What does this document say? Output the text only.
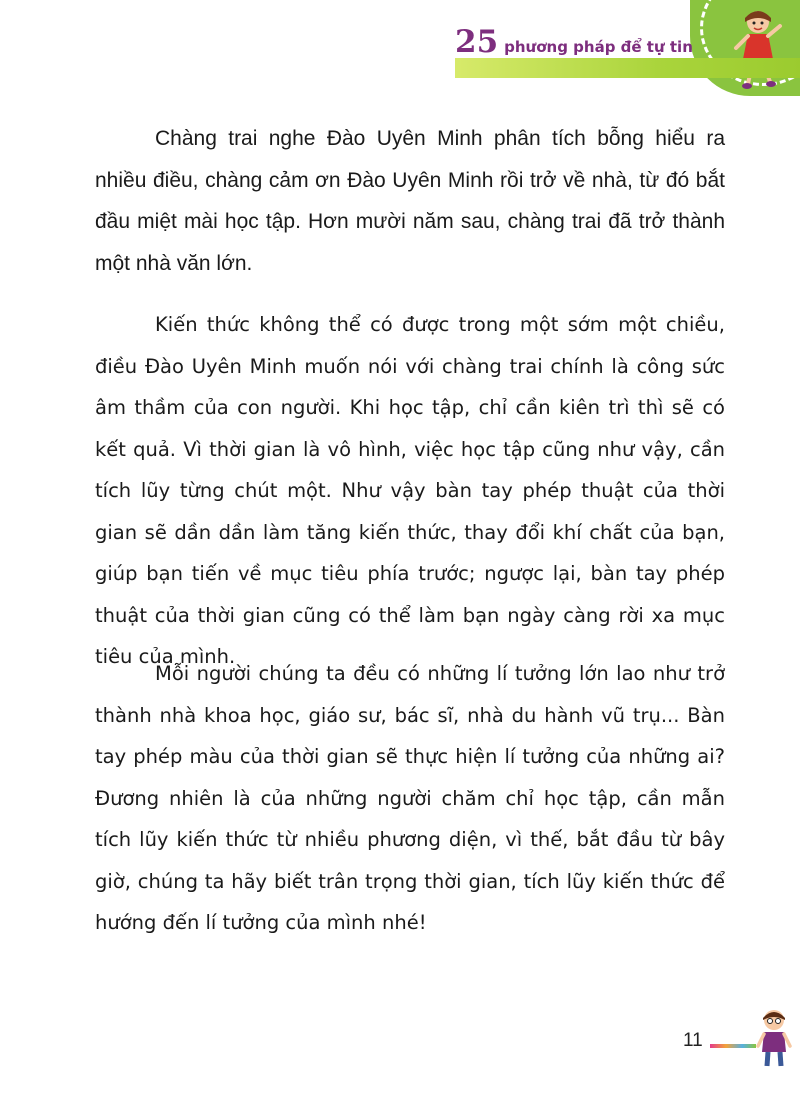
25 phương pháp để tự tin

Chàng trai nghe Đào Uyên Minh phân tích bỗng hiểu ra nhiều điều, chàng cảm ơn Đào Uyên Minh rồi trở về nhà, từ đó bắt đầu miệt mài học tập. Hơn mười năm sau, chàng trai đã trở thành một nhà văn lớn.

Kiến thức không thể có được trong một sớm một chiều, điều Đào Uyên Minh muốn nói với chàng trai chính là công sức âm thầm của con người. Khi học tập, chỉ cần kiên trì thì sẽ có kết quả. Vì thời gian là vô hình, việc học tập cũng như vậy, cần tích lũy từng chút một. Như vậy bàn tay phép thuật của thời gian sẽ dần dần làm tăng kiến thức, thay đổi khí chất của bạn, giúp bạn tiến về mục tiêu phía trước; ngược lại, bàn tay phép thuật của thời gian cũng có thể làm bạn ngày càng rời xa mục tiêu của mình.

Mỗi người chúng ta đều có những lí tưởng lớn lao như trở thành nhà khoa học, giáo sư, bác sĩ, nhà du hành vũ trụ... Bàn tay phép màu của thời gian sẽ thực hiện lí tưởng của những ai? Đương nhiên là của những người chăm chỉ học tập, cần mẫn tích lũy kiến thức từ nhiều phương diện, vì thế, bắt đầu từ bây giờ, chúng ta hãy biết trân trọng thời gian, tích lũy kiến thức để hướng đến lí tưởng của mình nhé!

11
